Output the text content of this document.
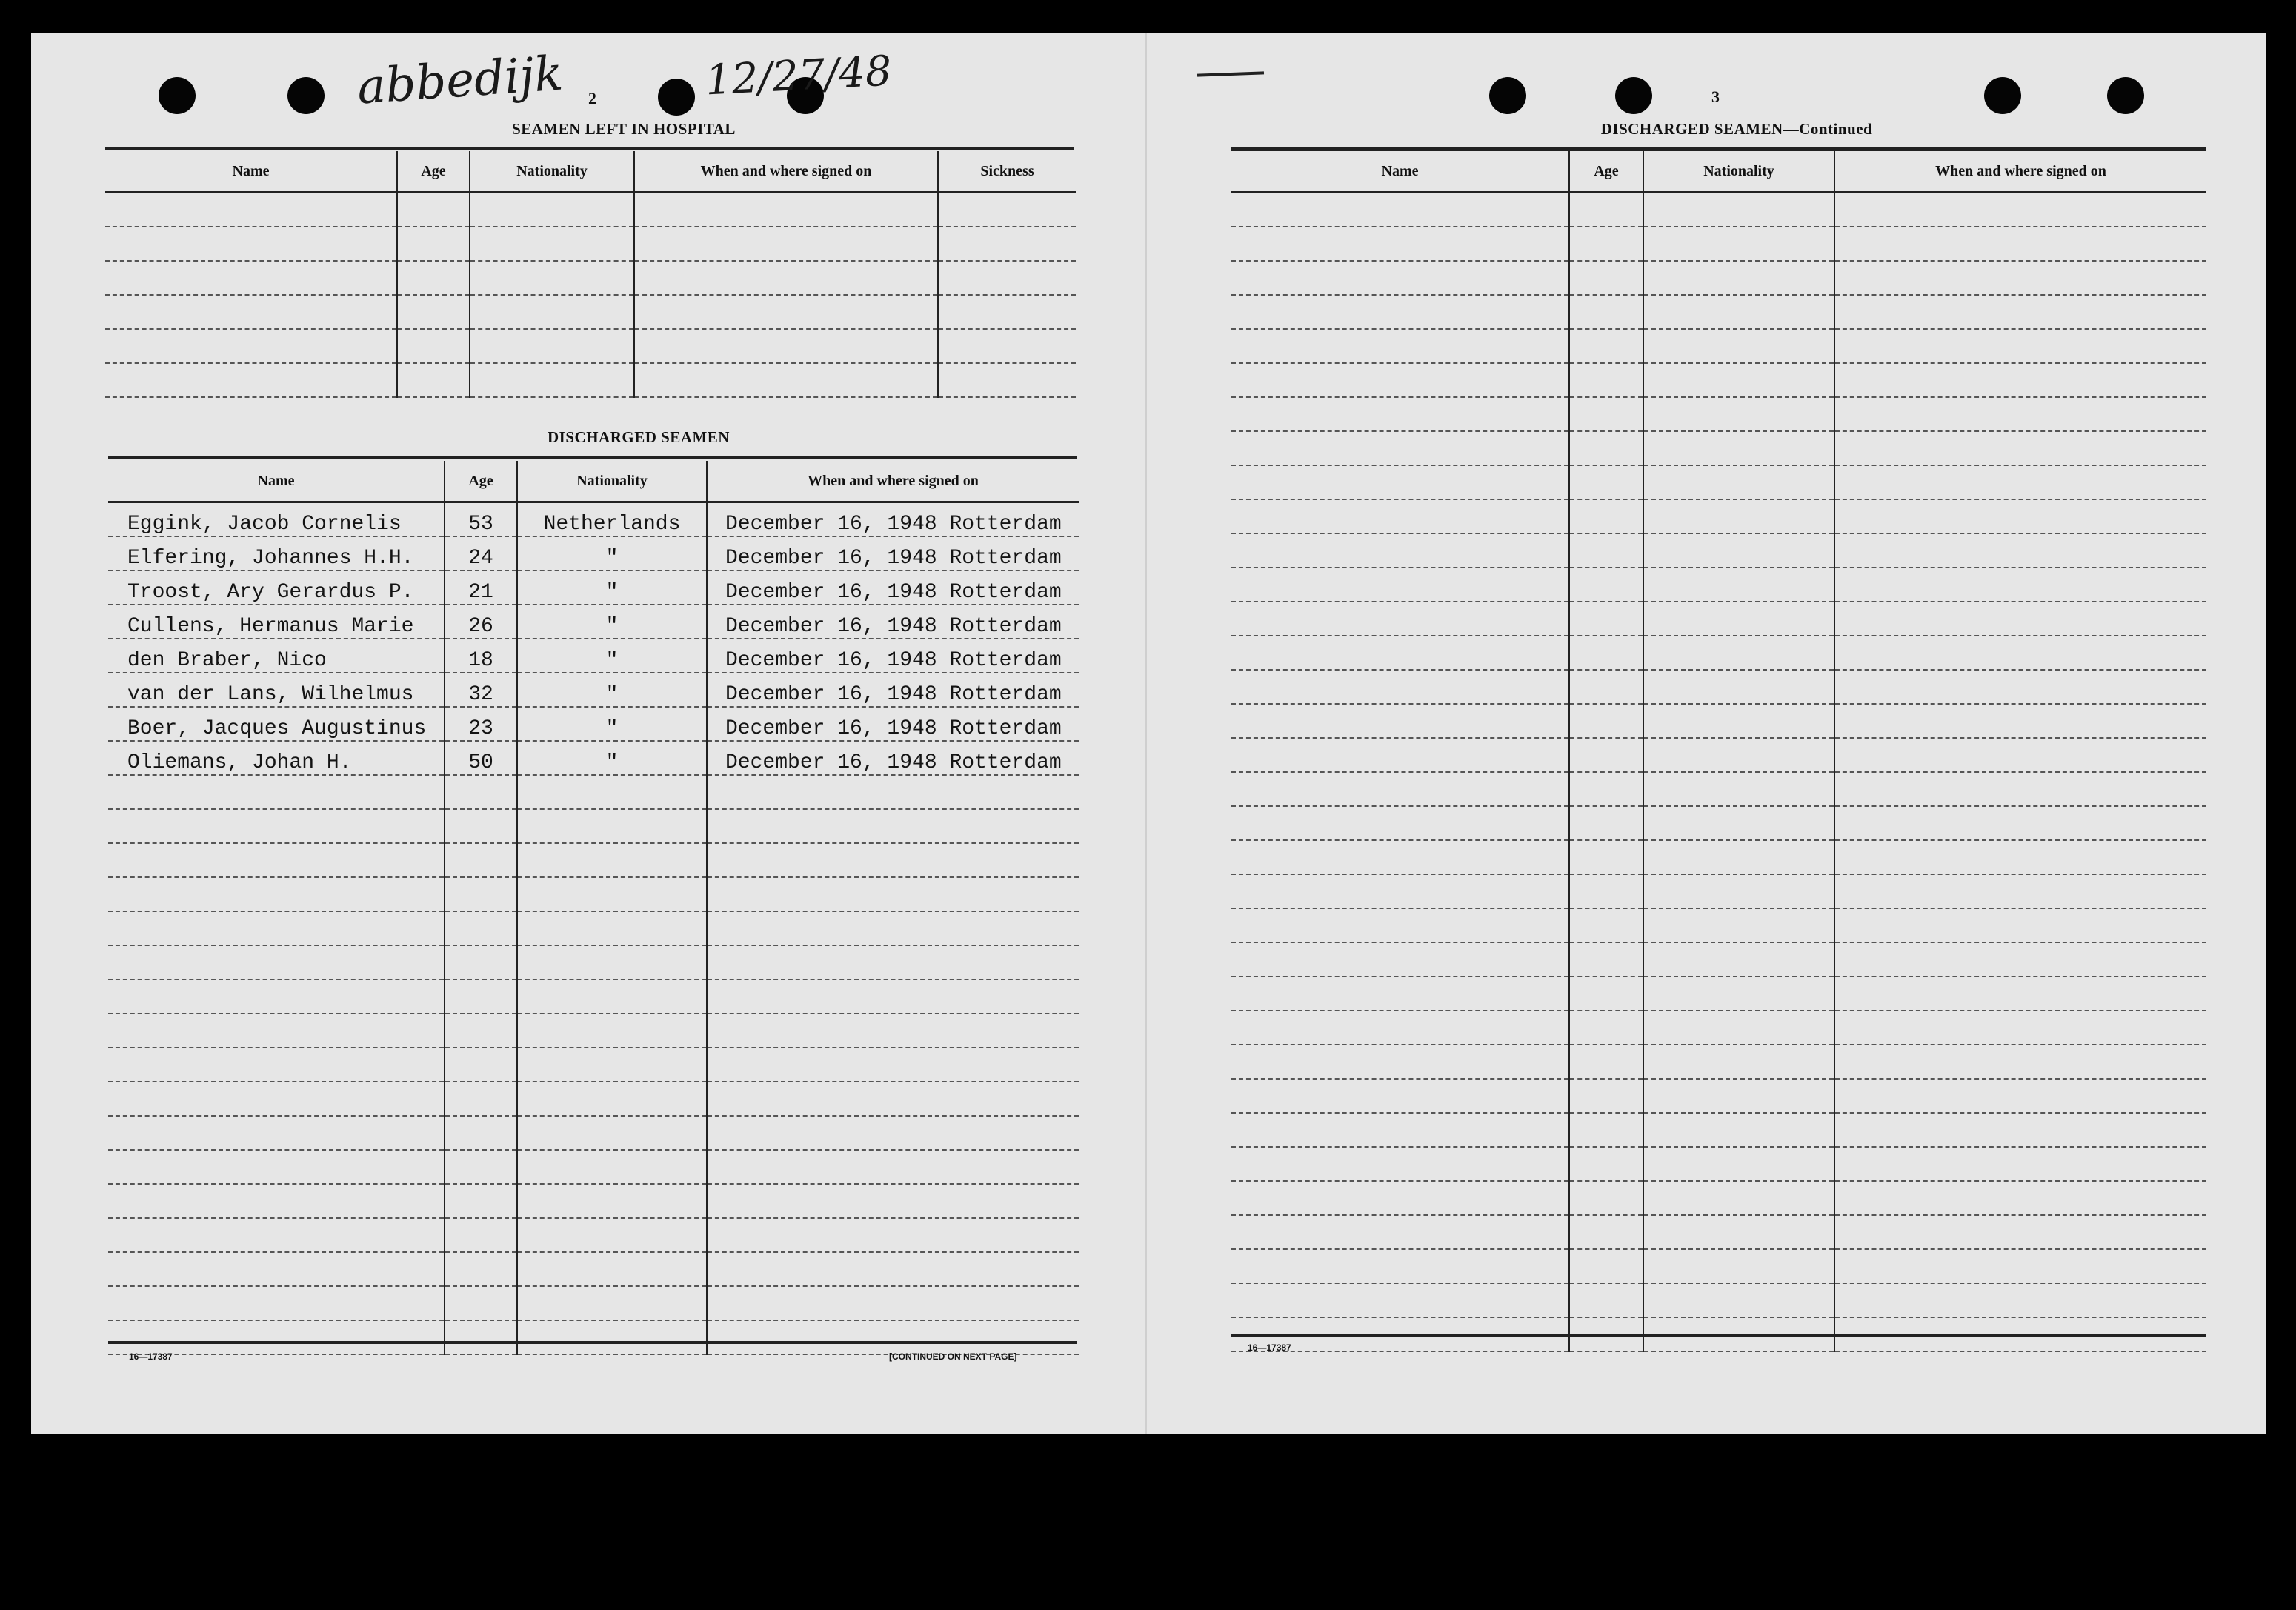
abbedijk	12/27/48
2
SEAMEN LEFT IN HOSPITAL
Name	Age	Nationality	When and where signed on	Sickness

DISCHARGED SEAMEN
Name	Age	Nationality	When and where signed on
Eggink, Jacob Cornelis	53	Netherlands	December 16, 1948 Rotterdam
Elfering, Johannes H.H.	24	"	December 16, 1948 Rotterdam
Troost, Ary Gerardus P.	21	"	December 16, 1948 Rotterdam
Cullens, Hermanus Marie	26	"	December 16, 1948 Rotterdam
den Braber, Nico	18	"	December 16, 1948 Rotterdam
van der Lans, Wilhelmus	32	"	December 16, 1948 Rotterdam
Boer, Jacques Augustinus	23	"	December 16, 1948 Rotterdam
Oliemans, Johan H.	50	"	December 16, 1948 Rotterdam

16—17387	[CONTINUED ON NEXT PAGE]
3
DISCHARGED SEAMEN—Continued
Name	Age	Nationality	When and where signed on

16—17387
